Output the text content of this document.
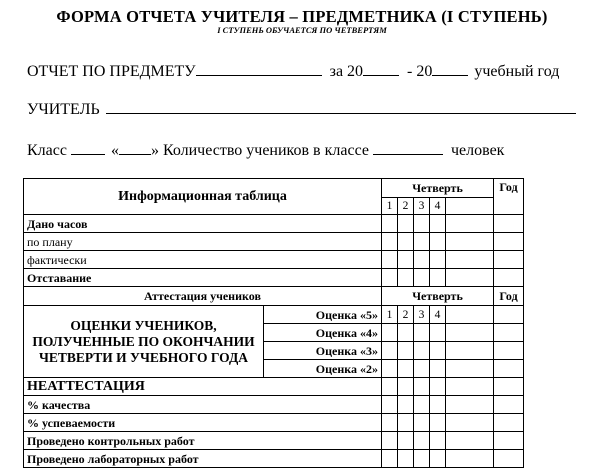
ФОРМА ОТЧЕТА УЧИТЕЛЯ – ПРЕДМЕТНИКА (I СТУПЕНЬ)
I СТУПЕНЬ ОБУЧАЕТСЯ ПО ЧЕТВЕРТЯМ
ОТЧЕТ ПО ПРЕДМЕТУ	за 20	- 20	учебный год
УЧИТЕЛЬ
Класс	« » Количество учеников в классе	человек
Информационная таблица		Четверть					Год
		1	2	3	4		
Дано часов							
по плану							
фактически							
Отставание							
Аттестация учеников		Четверть					Год
ОЦЕНКИ УЧЕНИКОВ, ПОЛУЧЕННЫЕ ПО ОКОНЧАНИИ ЧЕТВЕРТИ И УЧЕБНОГО ГОДА	Оценка «5»	1	2	3	4		
	Оценка «4»						
	Оценка «3»						
	Оценка «2»						
НЕАТТЕСТАЦИЯ							
% качества							
% успеваемости							
Проведено контрольных работ							
Проведено лабораторных работ							
